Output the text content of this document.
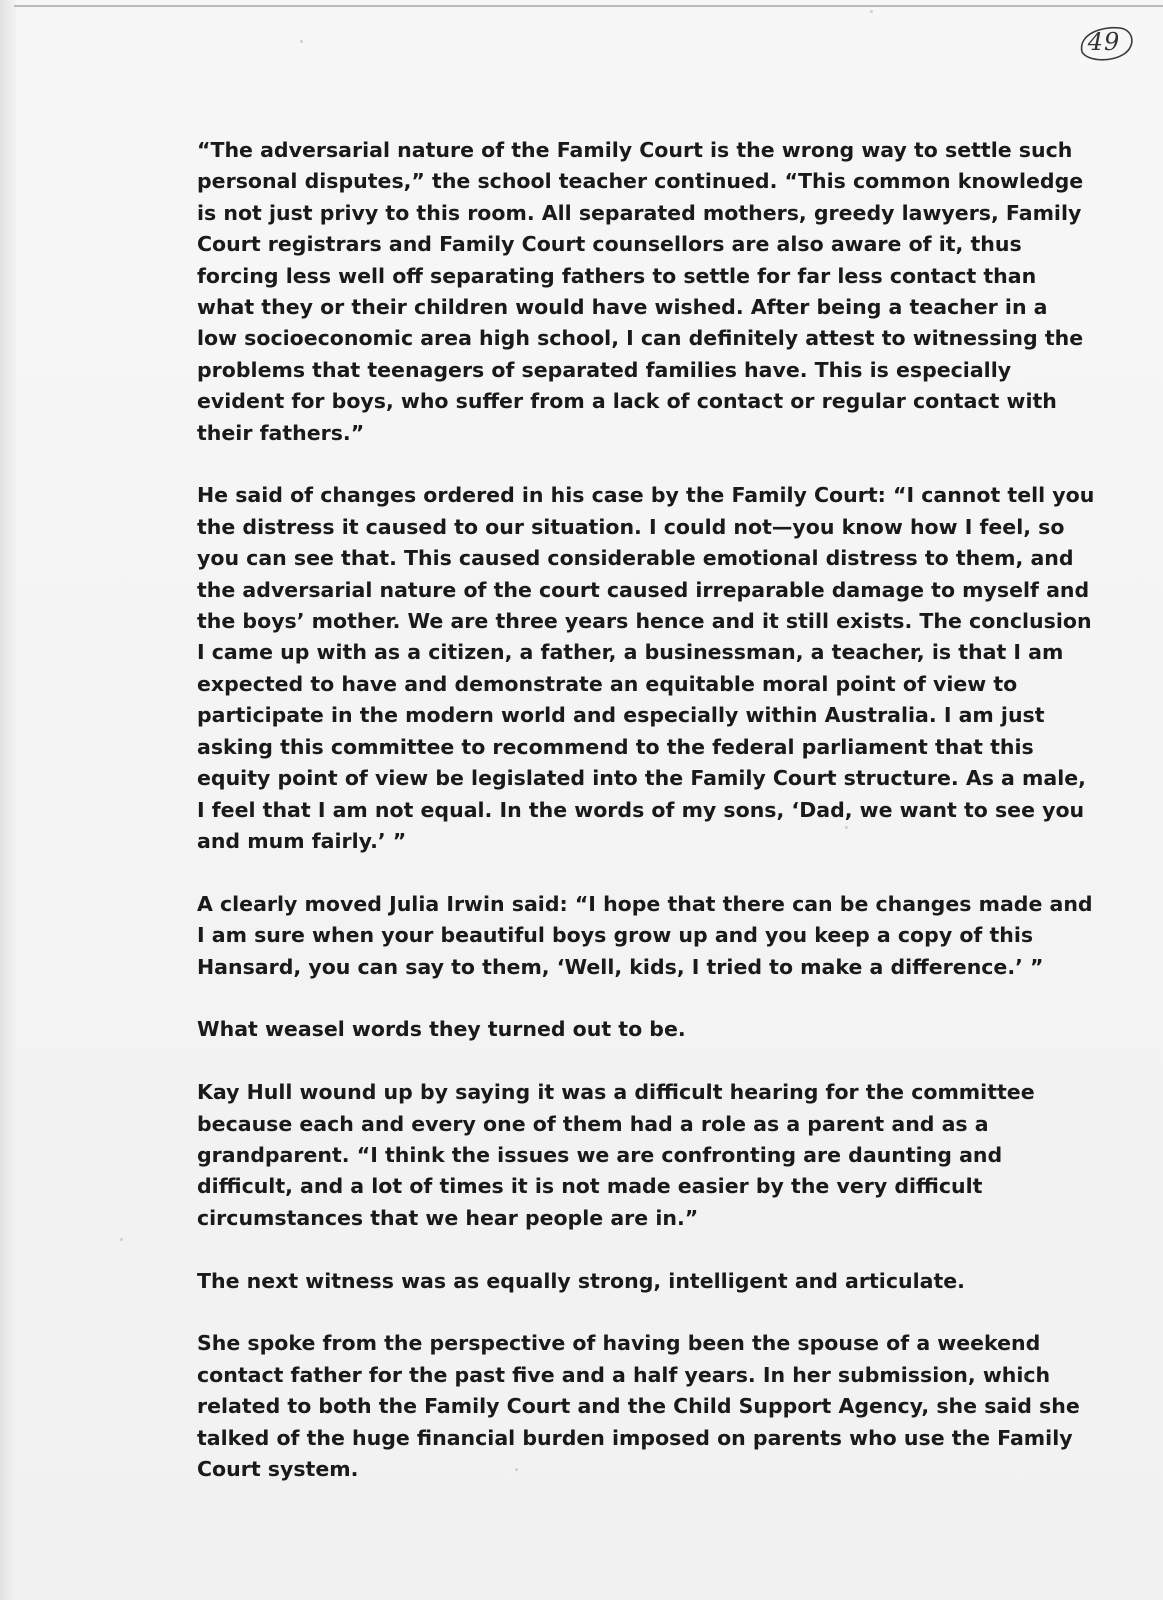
49
“The adversarial nature of the Family Court is the wrong way to settle such
personal disputes,” the school teacher continued. “This common knowledge
is not just privy to this room. All separated mothers, greedy lawyers, Family
Court registrars and Family Court counsellors are also aware of it, thus
forcing less well off separating fathers to settle for far less contact than
what they or their children would have wished. After being a teacher in a
low socioeconomic area high school, I can definitely attest to witnessing the
problems that teenagers of separated families have. This is especially
evident for boys, who suffer from a lack of contact or regular contact with
their fathers.”
He said of changes ordered in his case by the Family Court: “I cannot tell you
the distress it caused to our situation. I could not—you know how I feel, so
you can see that. This caused considerable emotional distress to them, and
the adversarial nature of the court caused irreparable damage to myself and
the boys’ mother. We are three years hence and it still exists. The conclusion
I came up with as a citizen, a father, a businessman, a teacher, is that I am
expected to have and demonstrate an equitable moral point of view to
participate in the modern world and especially within Australia. I am just
asking this committee to recommend to the federal parliament that this
equity point of view be legislated into the Family Court structure. As a male,
I feel that I am not equal. In the words of my sons, ‘Dad, we want to see you
and mum fairly.’ ”
A clearly moved Julia Irwin said: “I hope that there can be changes made and
I am sure when your beautiful boys grow up and you keep a copy of this
Hansard, you can say to them, ‘Well, kids, I tried to make a difference.’ ”
What weasel words they turned out to be.
Kay Hull wound up by saying it was a difficult hearing for the committee
because each and every one of them had a role as a parent and as a
grandparent. “I think the issues we are confronting are daunting and
difficult, and a lot of times it is not made easier by the very difficult
circumstances that we hear people are in.”
The next witness was as equally strong, intelligent and articulate.
She spoke from the perspective of having been the spouse of a weekend
contact father for the past five and a half years. In her submission, which
related to both the Family Court and the Child Support Agency, she said she
talked of the huge financial burden imposed on parents who use the Family
Court system.
